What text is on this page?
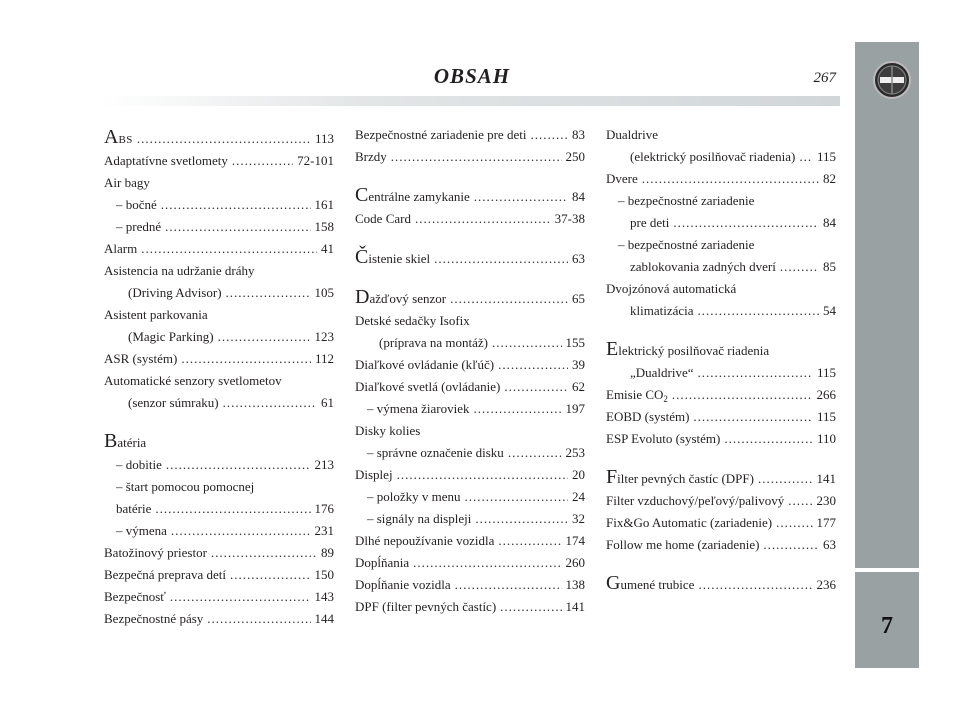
7
OBSAH	267
ABS .....	113
Adaptatívne svetlomety .....	72-101
Air bagy
– bočné .....	161
– predné .....	158
Alarm .....	41
Asistencia na udržanie dráhy
(Driving Advisor) .....	105
Asistent parkovania
(Magic Parking) .....	123
ASR (systém) .....	112
Automatické senzory svetlometov
(senzor súmraku) .....	61
Batéria
– dobitie .....	213
– štart pomocou pomocnej
batérie .....	176
– výmena .....	231
Batožinový priestor .....	89
Bezpečná preprava detí .....	150
Bezpečnosť .....	143
Bezpečnostné pásy .....	144
Bezpečnostné zariadenie pre deti .....	83
Brzdy .....	250
Centrálne zamykanie .....	84
Code Card .....	37-38
Čistenie skiel .....	63
Dažďový senzor .....	65
Detské sedačky Isofix
(príprava na montáž) .....	155
Diaľkové ovládanie (kľúč) .....	39
Diaľkové svetlá (ovládanie) .....	62
– výmena žiaroviek .....	197
Disky kolies
– správne označenie disku .....	253
Displej .....	20
– položky v menu .....	24
– signály na displeji .....	32
Dlhé nepoužívanie vozidla .....	174
Dopĺňania .....	260
Dopĺňanie vozidla .....	138
DPF (filter pevných častíc) .....	141
Dualdrive
(elektrický posilňovač riadenia) ..... 115
Dvere .....	82
– bezpečnostné zariadenie
pre deti .....	84
– bezpečnostné zariadenie
zablokovania zadných dverí .....	85
Dvojzónová automatická
klimatizácia .....	54
Elektrický posilňovač riadenia
„Dualdrive“ .....	115
Emisie $CO_2$ .....	266
EOBD (systém) .....	115
ESP Evoluto (systém) .....	110
Filter pevných častíc (DPF) .....	141
Filter vzduchový/peľový/palivový ..... 230
Fix&Go Automatic (zariadenie) .....	177
Follow me home (zariadenie) .....	63
Gumené trubice .....	236
